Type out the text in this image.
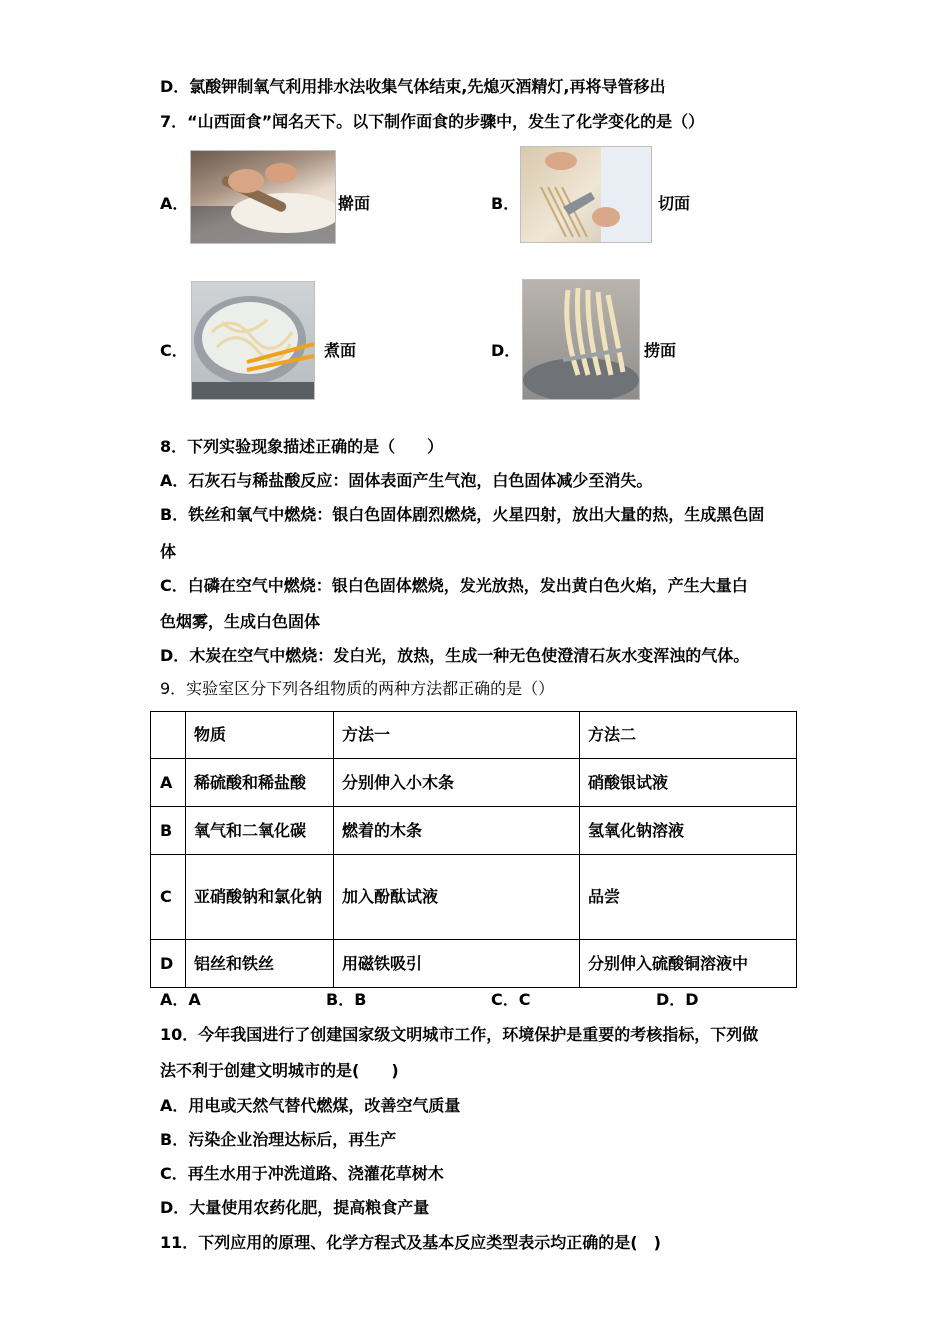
D．氯酸钾制氧气利用排水法收集气体结束,先熄灭酒精灯,再将导管移出

7．“山西面食”闻名天下。以下制作面食的步骤中，发生了化学变化的是（）

A．	擀面	B．	切面
C．	煮面	D．	捞面

8．下列实验现象描述正确的是（　　）

A．石灰石与稀盐酸反应：固体表面产生气泡，白色固体减少至消失。

B．铁丝和氧气中燃烧：银白色固体剧烈燃烧，火星四射，放出大量的热，生成黑色固

体

C．白磷在空气中燃烧：银白色固体燃烧，发光放热，发出黄白色火焰，产生大量白

色烟雾，生成白色固体

D．木炭在空气中燃烧：发白光，放热，生成一种无色使澄清石灰水变浑浊的气体。

9．实验室区分下列各组物质的两种方法都正确的是（）

	物质	方法一	方法二
A	稀硫酸和稀盐酸	分别伸入小木条	硝酸银试液
B	氧气和二氧化碳	燃着的木条	氢氧化钠溶液
C	亚硝酸钠和氯化钠	加入酚酞试液	品尝
D	铝丝和铁丝	用磁铁吸引	分别伸入硫酸铜溶液中
A．A	B．B	C．C	D．D

10．今年我国进行了创建国家级文明城市工作，环境保护是重要的考核指标，下列做

法不利于创建文明城市的是(　　)

A．用电或天然气替代燃煤，改善空气质量

B．污染企业治理达标后，再生产

C．再生水用于冲洗道路、浇灌花草树木

D．大量使用农药化肥，提高粮食产量

11．下列应用的原理、化学方程式及基本反应类型表示均正确的是(　)
